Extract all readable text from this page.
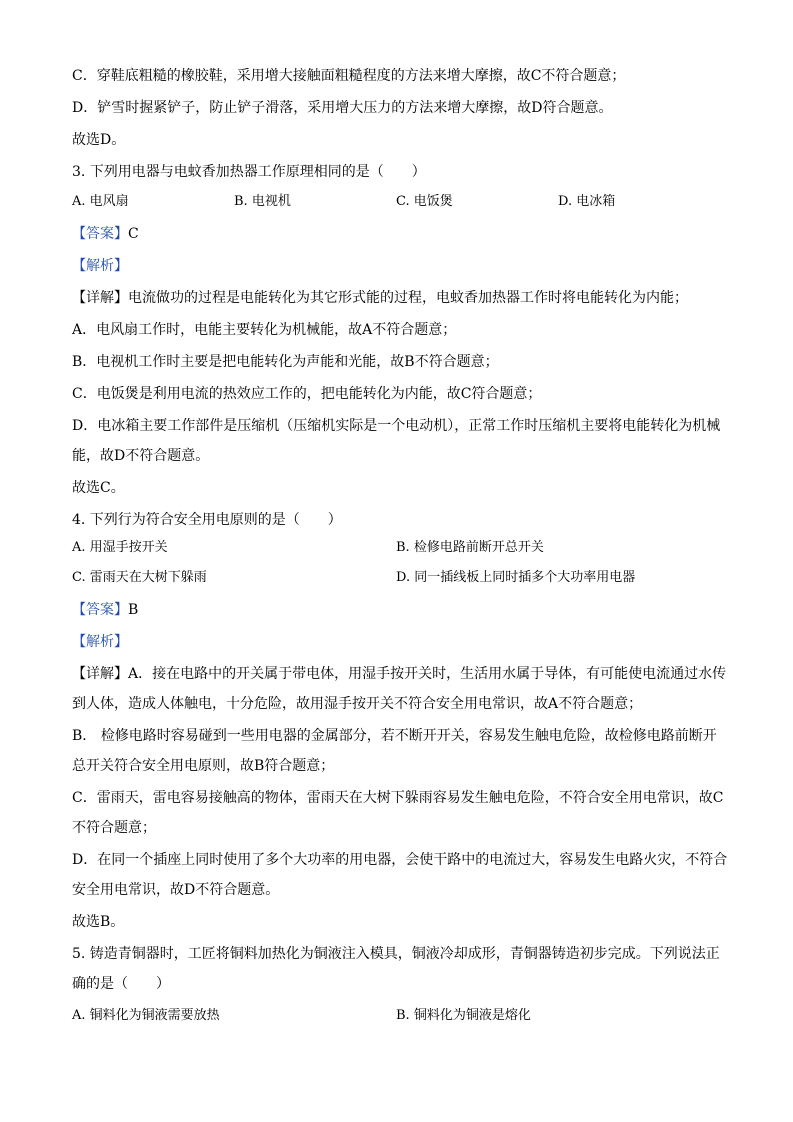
C．穿鞋底粗糙的橡胶鞋，采用增大接触面粗糙程度的方法来增大摩擦，故C不符合题意；
D．铲雪时握紧铲子，防止铲子滑落，采用增大压力的方法来增大摩擦，故D符合题意。
故选D。
3. 下列用电器与电蚊香加热器工作原理相同的是（　　）
A. 电风扇	B. 电视机	C. 电饭煲	D. 电冰箱
【答案】C
【解析】
【详解】电流做功的过程是电能转化为其它形式能的过程，电蚊香加热器工作时将电能转化为内能；
A．电风扇工作时，电能主要转化为机械能，故A不符合题意；
B．电视机工作时主要是把电能转化为声能和光能，故B不符合题意；
C．电饭煲是利用电流的热效应工作的，把电能转化为内能，故C符合题意；
D．电冰箱主要工作部件是压缩机（压缩机实际是一个电动机），正常工作时压缩机主要将电能转化为机械
能，故D不符合题意。
故选C。
4. 下列行为符合安全用电原则的是（　　）
A. 用湿手按开关	B. 检修电路前断开总开关
C. 雷雨天在大树下躲雨	D. 同一插线板上同时插多个大功率用电器
【答案】B
【解析】
【详解】A．接在电路中的开关属于带电体，用湿手按开关时，生活用水属于导体，有可能使电流通过水传
到人体，造成人体触电，十分危险，故用湿手按开关不符合安全用电常识，故A不符合题意；
B． 检修电路时容易碰到一些用电器的金属部分，若不断开开关，容易发生触电危险，故检修电路前断开
总开关符合安全用电原则，故B符合题意；
C．雷雨天，雷电容易接触高的物体，雷雨天在大树下躲雨容易发生触电危险，不符合安全用电常识，故C
不符合题意；
D．在同一个插座上同时使用了多个大功率的用电器，会使干路中的电流过大，容易发生电路火灾，不符合
安全用电常识，故D不符合题意。
故选B。
5. 铸造青铜器时，工匠将铜料加热化为铜液注入模具，铜液冷却成形，青铜器铸造初步完成。下列说法正
确的是（　　）
A. 铜料化为铜液需要放热	B. 铜料化为铜液是熔化
